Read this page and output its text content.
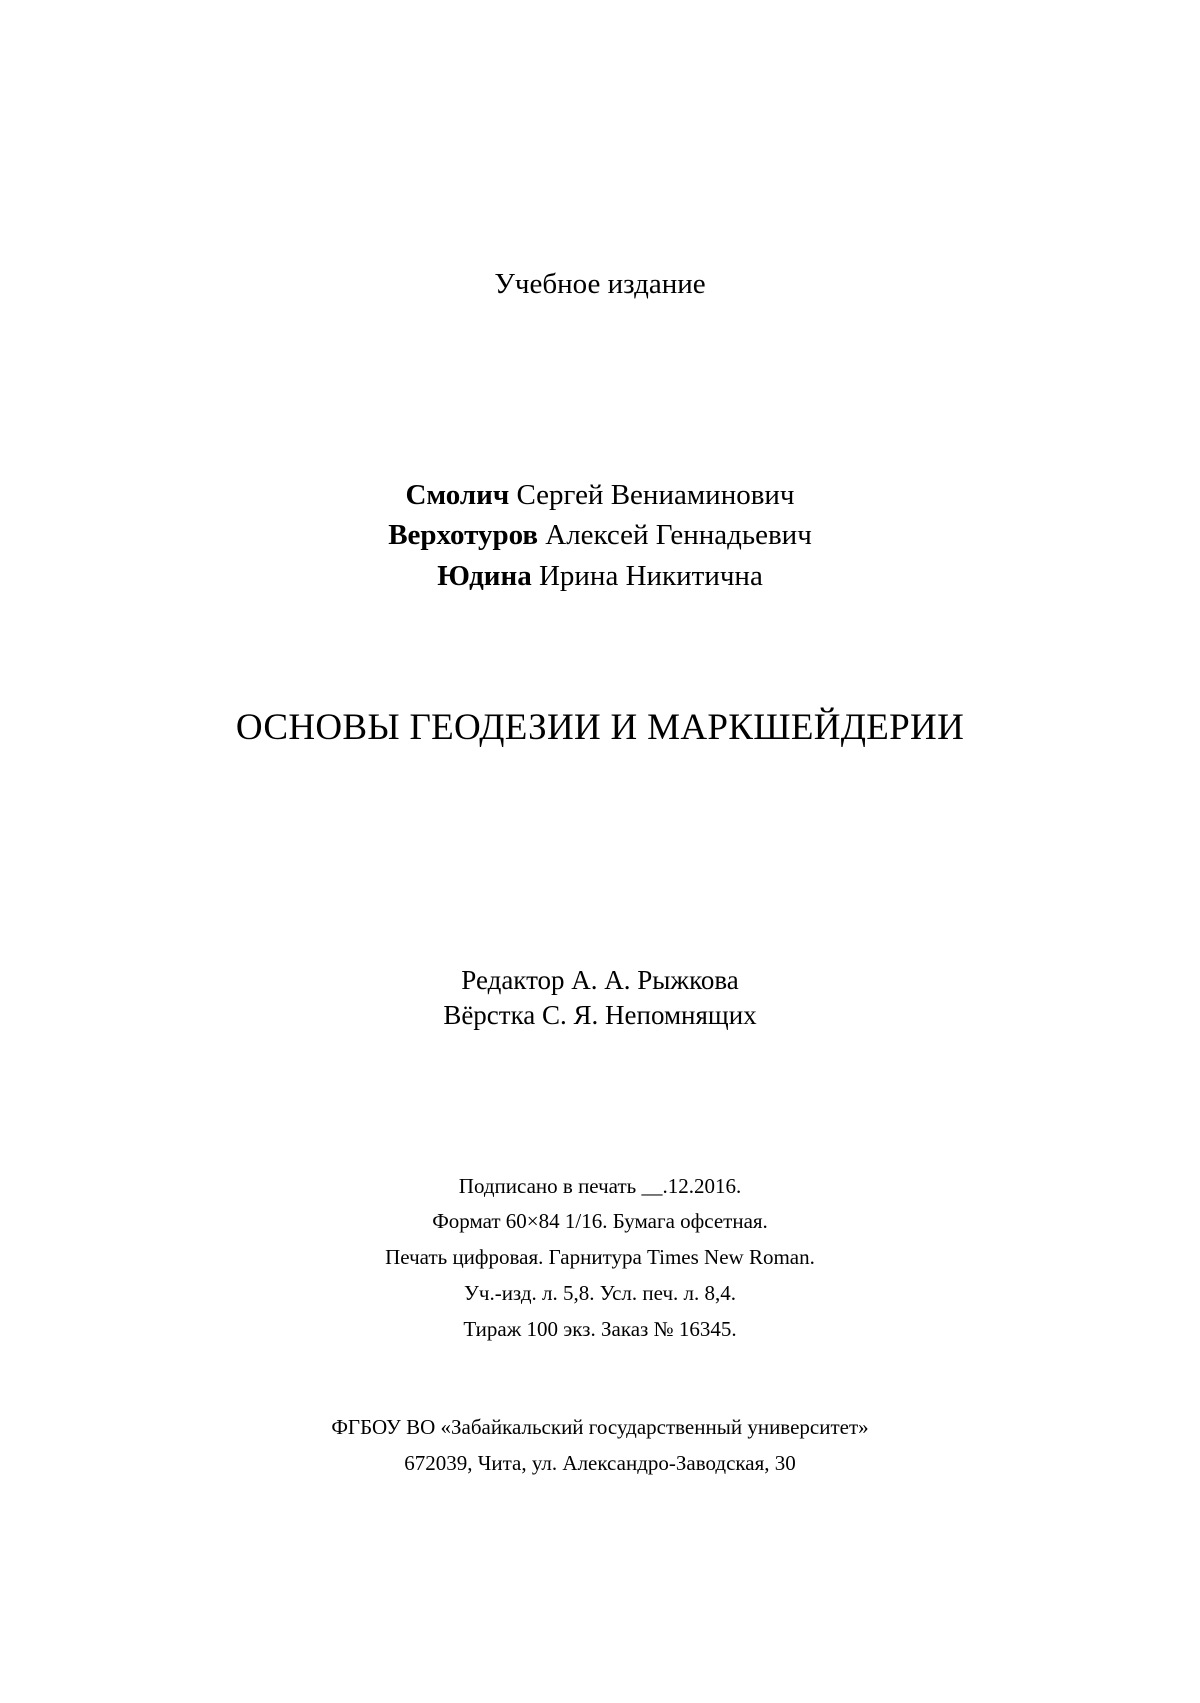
Учебное издание
Смолич Сергей Вениаминович
Верхотуров Алексей Геннадьевич
Юдина Ирина Никитична
ОСНОВЫ ГЕОДЕЗИИ И МАРКШЕЙДЕРИИ
Редактор А. А. Рыжкова
Вёрстка С. Я. Непомнящих
Подписано в печать __.12.2016.
Формат 60×84 1/16. Бумага офсетная.
Печать цифровая. Гарнитура Times New Roman.
Уч.-изд. л. 5,8. Усл. печ. л. 8,4.
Тираж 100 экз. Заказ № 16345.
ФГБОУ ВО «Забайкальский государственный университет»
672039, Чита, ул. Александро-Заводская, 30
